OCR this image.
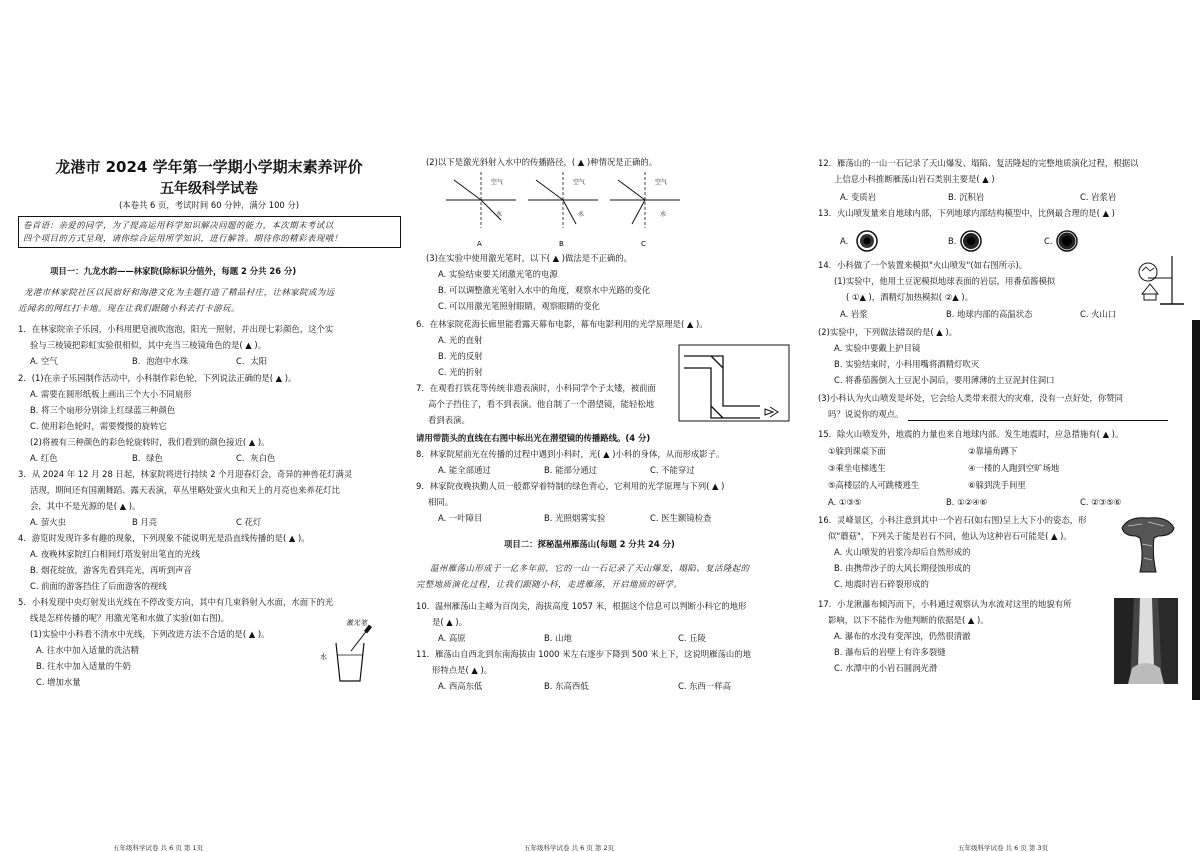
龙港市 2024 学年第一学期小学期末素养评价
五年级科学试卷
(本卷共 6 页，考试时间 60 分钟，满分 100 分)
卷首语：亲爱的同学，为了提高运用科学知识解决问题的能力，本次期末考试以
四个项目的方式呈现，请你综合运用所学知识，进行解答。期待你的精彩表现哦！
项目一：九龙水韵——林家院(除标识分值外，每题 2 分共 26 分)
龙港市林家院社区以民宿好和海港文化为主题打造了精品村庄，让林家院成为远
近闻名的网红打卡地。现在让我们跟随小科去打卡游玩。
1．在林家院亲子乐园，小科用肥皂液吹泡泡，阳光一照射，并出现七彩颜色，这个实
验与三棱镜把彩虹实验很相似，其中充当三棱镜角色的是( ▲ )。
A. 空气	B．泡泡中水珠	C．太阳
2．(1)在亲子乐园制作活动中，小科制作彩色轮，下列说法正确的是( ▲ )。
A. 需要在圆形纸板上画出三个大小不同扇形
B. 将三个扇形分别涂上红绿蓝三种颜色
C. 使用彩色轮时，需要慢慢的旋转它
(2)将被有三种颜色的彩色轮旋转时，我们看到的颜色接近( ▲ )。
A. 红色	B．绿色	C．灰白色
3．从 2024 年 12 月 28 日起，林家院将进行持续 2 个月迎春灯会，奇异的神兽花灯满灵
活现，期间还有国潮舞蹈、露天表演，草丛里略处萤火虫和天上的月亮也来养花灯比
会，其中不是光源的是( ▲ )。
A. 萤火虫	B 月亮	C 花灯
4．游览时发现许多有趣的现象，下列现象不能说明光是沿直线传播的是( ▲ )。
A. 夜晚林家院红白相间灯塔发射出笔直的光线
B. 烟花绽放，游客先看到亮光，再听到声音
C. 前面的游客挡住了后面游客的视线
5．小科发现中央灯射发出光线在不停改变方向，其中有几束斜射入水面，水面下的光
线是怎样传播的呢？用激光笔和水做了实验(如右图)。
(1)实验中小科看不清水中光线，下列改进方法不合适的是( ▲ )。
A. 往水中加入适量的洗洁精
B. 往水中加入适量的牛奶
C. 增加水量
激光笔
水
五年级科学试卷 共 6 页 第 1页
(2)以下是激光斜射入水中的传播路径，( ▲ )种情况是正确的。
空气
水
A
空气
水
B
空气
水
C
(3)在实验中使用激光笔时，以下( ▲ )做法是不正确的。
A. 实验结束要关闭激光笔的电源
B. 可以调整激光笔射入水中的角度，观察水中光路的变化
C. 可以用激光笔照射眼睛，观察眼睛的变化
6．在林家院花海长廊里能看露天幕布电影，幕布电影利用的光学原理是( ▲ )。
A. 光的直射
B. 光的反射
C. 光的折射
7．在观看打铁花等传统非遗表演时，小科同学个子太矮，被前面
高个子挡住了，看不到表演。他自制了一个潜望镜，能轻松地
看到表演。
请用带箭头的直线在右图中标出光在潜望镜的传播路线。(4 分)
8．林家院屋前光在传播的过程中遇到小科时，光( ▲ )小科的身体，从而形成影子。
A. 能全部通过	B. 能部分通过	C. 不能穿过
9．林家院夜晚执勤人员一般都穿着特制的绿色背心，它利用的光学原理与下列( ▲ )
相同。
A. 一叶障目	B. 光照烟雾实验	C. 医生额镜检查
项目二：探秘温州雁荡山(每题 2 分共 24 分)
温州雁荡山形成于一亿多年前，它的一山一石记录了天山爆发、塌陷、复活隆起的
完整地质演化过程，让我们跟随小科，走进雁荡，开启地质的研学。
10．温州雁荡山主峰为百岗尖，海拔高度 1057 米，根据这个信息可以判断小科它的地形
是( ▲ )。
A. 高原	B. 山地	C. 丘陵
11．雁荡山自西北到东南海拔由 1000 米左右逐步下降到 500 米上下，这说明雁荡山的地
形特点是( ▲ )。
A. 西高东低	B. 东高西低	C. 东西一样高
五年级科学试卷 共 6 页 第 2页
12．雁荡山的一山一石记录了天山爆发、塌陷、复活隆起的完整地质演化过程，根据以
上信息小科推断雁荡山岩石类别主要是( ▲ )
A. 变质岩	B. 沉积岩	C. 岩浆岩
13．火山喷发量来自地球内部，下列地球内部结构模型中，比例最合理的是( ▲ )
A.	B.	C.
14．小科做了一个装置来模拟"火山喷发"(如右图所示)。
(1)实验中，他用土豆泥模拟地球表面的岩层，用番茄酱模拟
( ①▲ )，酒精灯加热模拟( ②▲ )。
A. 岩浆	B. 地球内部的高温状态	C. 火山口
(2)实验中，下列做法错误的是( ▲ )。
A. 实验中要戴上护目镜
B. 实验结束时，小科用嘴将酒精灯吹灭
C. 将番茄酱倒入土豆泥小洞后，要用薄薄的土豆泥封住洞口
(3)小科认为火山喷发是坏处，它会给人类带来很大的灾难，没有一点好处，你赞同
吗？说说你的观点。
15．除火山喷发外，地震的力量也来自地球内部。发生地震时，应急措施有( ▲ )。
①躲到课桌下面	②靠墙角蹲下
③乘坐电梯逃生	④一楼的人跑到空旷场地
⑤高楼层的人可跳楼逃生	⑥躲到洗手间里
A. ①③⑤	B. ①②④⑥	C. ②③⑤⑥
16．灵峰景区，小科注意到其中一个岩石(如右图)呈上大下小的姿态，形
似"蘑菇"，下列关于能是岩石不同，他认为这种岩石可能是( ▲ )。
A. 火山喷发的岩浆冷却后自然形成的
B. 由携带沙子的大风长期侵蚀形成的
C. 地震时岩石碎裂形成的
17．小龙湫瀑布倾泻而下，小科通过观察认为水流对这里的地貌有所
影响，以下不能作为他判断的依据是( ▲ )。
A. 瀑布的水没有变浑浊，仍然很清澈
B. 瀑布后的岩壁上有许多裂缝
C. 水潭中的小岩石圆润光滑
五年级科学试卷 共 6 页 第 3页
